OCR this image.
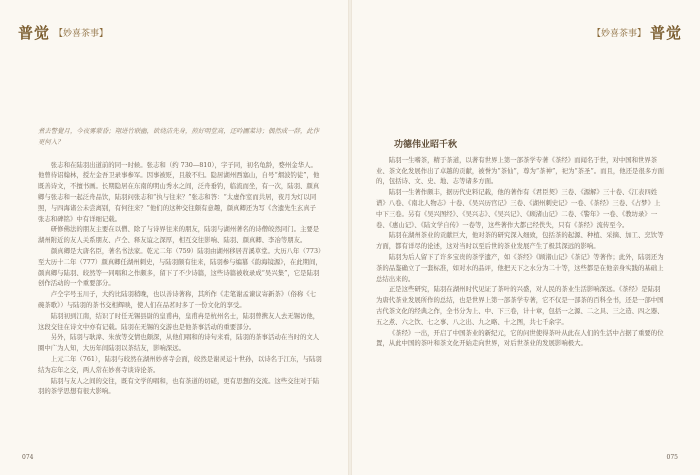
普觉 【妙喜茶事】
煮去警覺月，今夜雾蒙昏；翔进竹联幽，欲烧洁先身，煎好明堂高，还吟圃菜诗；偶然成一辞，此作更何入？

张志和在陆羽出道前的同一时候。张志和（约 730—810），字子同，初名龟龄，婺州金华人。他曾待诏翰林，授左金吾卫录事参军。因事被贬，且赦不归。隐居湖州西塞山，自号“烟波钓徒”，他既善诗文，不擅书画。长期隐居在东南的明山秀水之间，泛舟垂钓，临流而坐，有一次，陆羽、颜真卿与张志和一起泛舟品饮，陆羽问张志和“执与往来？”张志和答：“太虚作室而共居，夜月为灯以同照，与四海诸公未尝离别，有何往来？”他们的这种交往颇有意趣，颜真卿还为写《含遗先生玄真子张志和碑铭》中有详细记载。

研修佛法的朋友主要在以僧、除了与诗界往来的朋友，陆羽与湖州著名的诗僧皎然同门。主要是湖州附近的友人关系朋友、卢仝、释友谊之深厚，相互交往影响、陆羽、颜真卿、李冶等朋友。

颜真卿是大唐名臣，著名书法家。乾元二年（759）陆羽由湖州移居苕溪草堂。大历八年（773）至大历十二年（777）颜真卿任湖州刺史，与陆羽颇有往来，陆羽参与编纂《韵海镜源》，在此期间，颜真卿与陆羽、皎然等一同唱和之作颇多，留下了不少诗篇，这些诗篇被收录成“吴兴集”，它是陆羽创作活动的一个重要部分。

卢仝字号玉川子，大约比陆羽稍晚，也以善诗著称，其所作《走笔谢孟谏议寄新茶》（俗称《七碗茶歌》）与陆羽的茶书交相辉映，使人们在品茗时多了一份文化的享受。

陆羽初到江南，结识了时任无锡县尉的皇甫冉，皇甫冉是杭州名士，陆羽曾携友人去无锡访他，这段交往在诗文中亦有记载。陆羽在无锡的交游也是他茶事活动的重要部分。

另外，陆羽与耿湋、朱放等交情也颇深，从他们唱和的诗句来看，陆羽的茶事活动在当时的文人圈中广为人知，大历年间陆羽以茶结友，影响深远。

上元二年（761），陆羽与皎然在湖州妙喜寺会面，皎然是谢灵运十世孙，以诗名于江东，与陆羽结为忘年之交，两人常在妙喜寺谈诗论茶。

陆羽与友人之间的交往，既有文学的唱和，也有茶道的切磋，更有思想的交流。这些交往对于陆羽的茶学思想有很大影响。

074
普觉
【妙喜茶事】
功德伟业昭千秋

陆羽一生嗜茶，精于茶道，以著有世界上第一部茶学专著《茶经》而闻名于世，对中国和世界茶业、茶文化发展作出了卓越的贡献，被誉为“茶仙”，尊为“茶神”，祀为“茶圣”。而且，他还是很多方面的，包括诗、文、史、地、志等诸多方面。

陆羽一生著作颇丰，据历代史料记载，他的著作有《君臣契》三卷、《源解》三十卷、《江表四姓谱》八卷、《南北人物志》十卷、《吴兴历官记》三卷、《湖州刺史记》一卷、《茶经》三卷、《占梦》上中下三卷。另有《吴兴图经》、《吴兴志》、《吴兴记》、《顾渚山记》二卷、《警年》一卷、《教坊录》一卷、《惠山记》、《陆文学自传》一卷等，这些著作大都已经佚失，只有《茶经》流传至今。

陆羽在湖州茶业的贡献巨大，他对茶的研究深入细致，包括茶的起源、种植、采摘、加工、烹饮等方面，都有详尽的论述，这对当时以至后世的茶业发展产生了极其深远的影响。

陆羽为后人留下了许多宝贵的茶学遗产，如《茶经》《顾渚山记》《茶记》等著作；此外，陆羽还为茶的品鉴确立了一套标准，如对水的品评，他把天下之水分为二十等，这些都是在他亲身实践的基础上总结出来的。

正是这些研究，陆羽在湖州时代见证了茶叶的兴盛，对人民的茶业生活影响深远。《茶经》是陆羽为唐代茶业发展所作的总结，也是世界上第一部茶学专著，它不仅是一部茶的百科全书，还是一部中国古代茶文化的经典之作，全书分为上、中、下三卷，计十章，包括一之源、二之具、三之造、四之器、五之煮、六之饮、七之事、八之出、九之略、十之图，共七千余字。

《茶经》一出，开启了中国茶业的新纪元，它的问世使得茶叶从此在人们的生活中占据了重要的位置，从此中国的茶叶和茶文化开始走向世界，对后世茶业的发展影响极大。

075
